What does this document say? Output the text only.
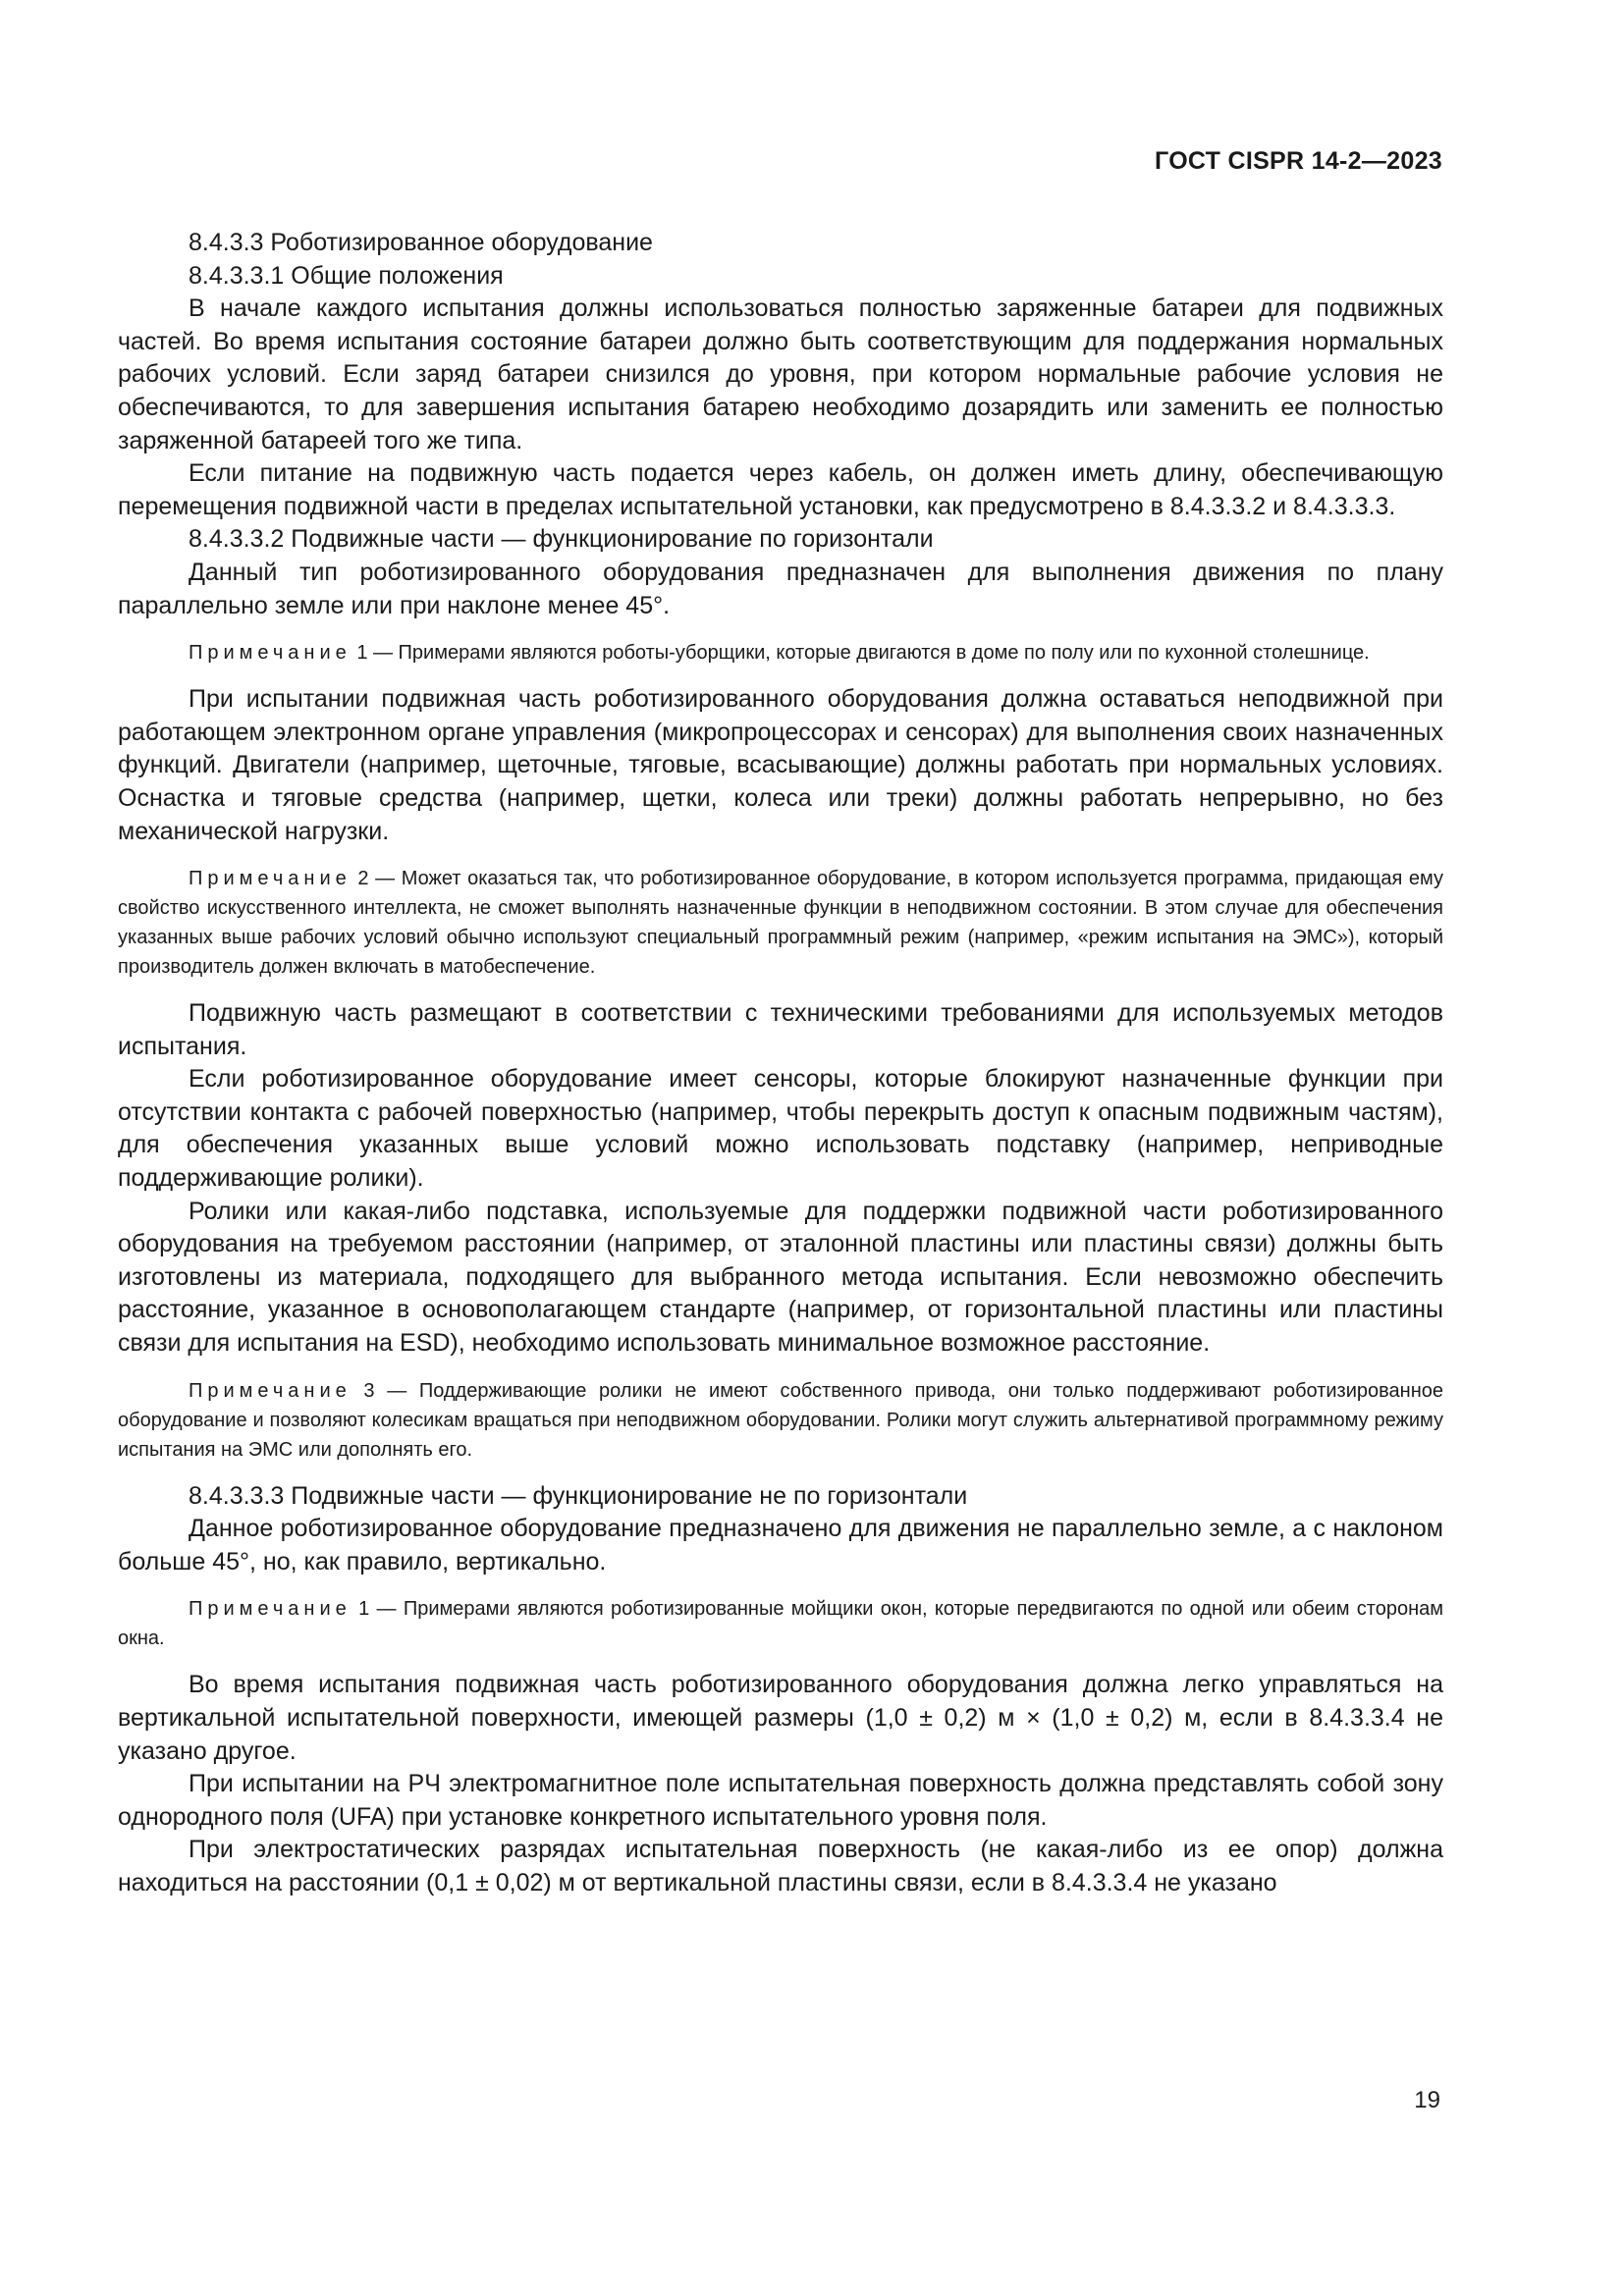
ГОСТ CISPR 14-2—2023

8.4.3.3 Роботизированное оборудование

8.4.3.3.1 Общие положения

В начале каждого испытания должны использоваться полностью заряженные батареи для подвижных частей. Во время испытания состояние батареи должно быть соответствующим для поддержания нормальных рабочих условий. Если заряд батареи снизился до уровня, при котором нормальные рабочие условия не обеспечиваются, то для завершения испытания батарею необходимо дозарядить или заменить ее полностью заряженной батареей того же типа.

Если питание на подвижную часть подается через кабель, он должен иметь длину, обеспечивающую перемещения подвижной части в пределах испытательной установки, как предусмотрено в 8.4.3.3.2 и 8.4.3.3.3.

8.4.3.3.2 Подвижные части — функционирование по горизонтали

Данный тип роботизированного оборудования предназначен для выполнения движения по плану параллельно земле или при наклоне менее 45°.

Примечание 1 — Примерами являются роботы-уборщики, которые двигаются в доме по полу или по кухонной столешнице.

При испытании подвижная часть роботизированного оборудования должна оставаться неподвижной при работающем электронном органе управления (микропроцессорах и сенсорах) для выполнения своих назначенных функций. Двигатели (например, щеточные, тяговые, всасывающие) должны работать при нормальных условиях. Оснастка и тяговые средства (например, щетки, колеса или треки) должны работать непрерывно, но без механической нагрузки.

Примечание 2 — Может оказаться так, что роботизированное оборудование, в котором используется программа, придающая ему свойство искусственного интеллекта, не сможет выполнять назначенные функции в неподвижном состоянии. В этом случае для обеспечения указанных выше рабочих условий обычно используют специальный программный режим (например, «режим испытания на ЭМС»), который производитель должен включать в матобеспечение.

Подвижную часть размещают в соответствии с техническими требованиями для используемых методов испытания.

Если роботизированное оборудование имеет сенсоры, которые блокируют назначенные функции при отсутствии контакта с рабочей поверхностью (например, чтобы перекрыть доступ к опасным подвижным частям), для обеспечения указанных выше условий можно использовать подставку (например, неприводные поддерживающие ролики).

Ролики или какая-либо подставка, используемые для поддержки подвижной части роботизированного оборудования на требуемом расстоянии (например, от эталонной пластины или пластины связи) должны быть изготовлены из материала, подходящего для выбранного метода испытания. Если невозможно обеспечить расстояние, указанное в основополагающем стандарте (например, от горизонтальной пластины или пластины связи для испытания на ESD), необходимо использовать минимальное возможное расстояние.

Примечание 3 — Поддерживающие ролики не имеют собственного привода, они только поддерживают роботизированное оборудование и позволяют колесикам вращаться при неподвижном оборудовании. Ролики могут служить альтернативой программному режиму испытания на ЭМС или дополнять его.

8.4.3.3.3 Подвижные части — функционирование не по горизонтали

Данное роботизированное оборудование предназначено для движения не параллельно земле, а с наклоном больше 45°, но, как правило, вертикально.

Примечание 1 — Примерами являются роботизированные мойщики окон, которые передвигаются по одной или обеим сторонам окна.

Во время испытания подвижная часть роботизированного оборудования должна легко управляться на вертикальной испытательной поверхности, имеющей размеры (1,0 ± 0,2) м × (1,0 ± 0,2) м, если в 8.4.3.3.4 не указано другое.

При испытании на РЧ электромагнитное поле испытательная поверхность должна представлять собой зону однородного поля (UFA) при установке конкретного испытательного уровня поля.

При электростатических разрядах испытательная поверхность (не какая-либо из ее опор) должна находиться на расстоянии (0,1 ± 0,02) м от вертикальной пластины связи, если в 8.4.3.3.4 не указано

19
